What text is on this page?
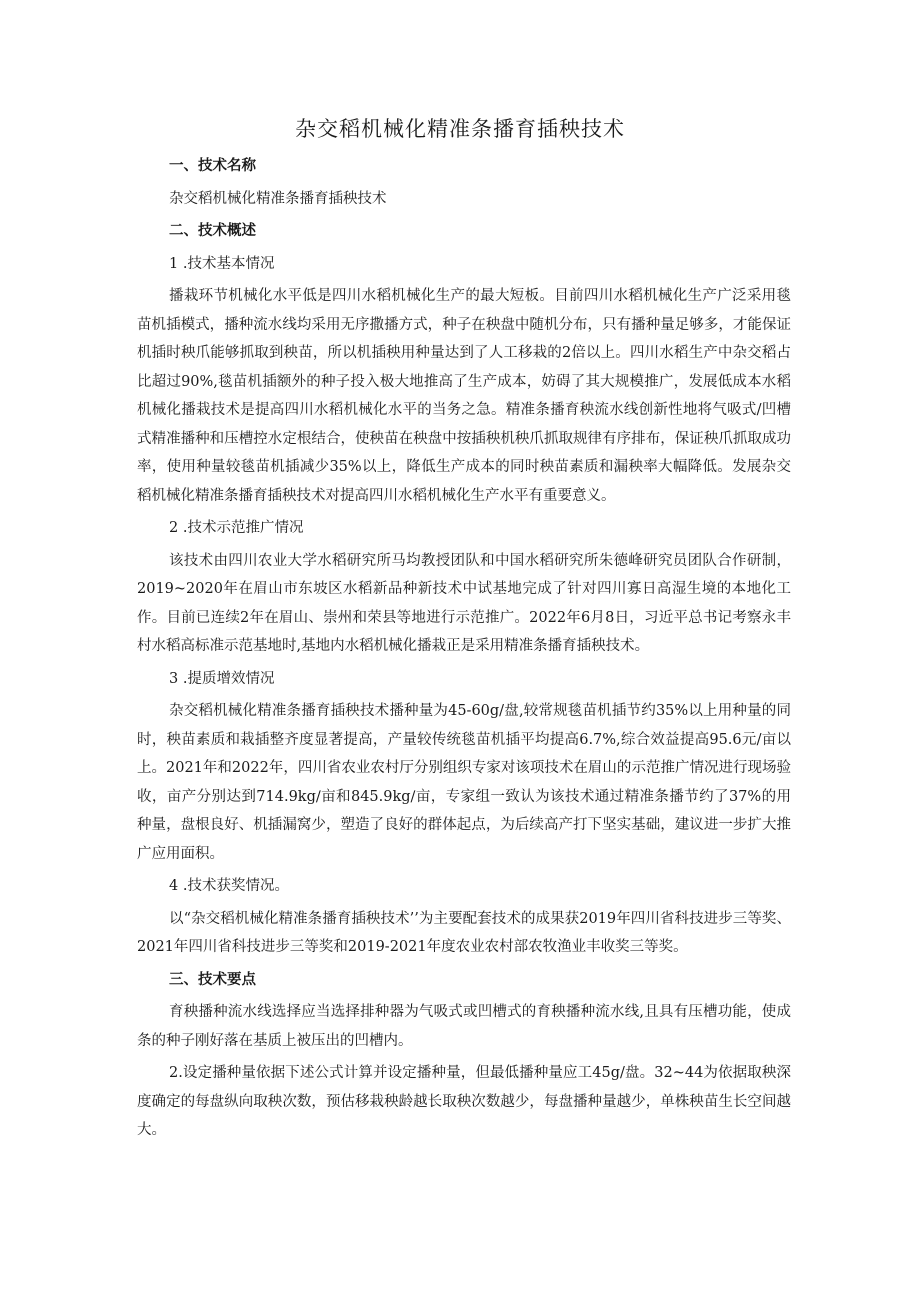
杂交稻机械化精准条播育插秧技术

一、技术名称

杂交稻机械化精准条播育插秧技术

二、技术概述

1 .技术基本情况

播栽环节机械化水平低是四川水稻机械化生产的最大短板。目前四川水稻机械化生产广泛采用毯苗机插模式，播种流水线均采用无序撒播方式，种子在秧盘中随机分布，只有播种量足够多，才能保证机插时秧爪能够抓取到秧苗，所以机插秧用种量达到了人工移栽的2倍以上。四川水稻生产中杂交稻占比超过90%,毯苗机插额外的种子投入极大地推高了生产成本，妨碍了其大规模推广，发展低成本水稻机械化播栽技术是提高四川水稻机械化水平的当务之急。精准条播育秧流水线创新性地将气吸式/凹槽式精准播种和压槽控水定根结合，使秧苗在秧盘中按插秧机秧爪抓取规律有序排布，保证秧爪抓取成功率，使用种量较毯苗机插减少35%以上，降低生产成本的同时秧苗素质和漏秧率大幅降低。发展杂交稻机械化精准条播育插秧技术对提高四川水稻机械化生产水平有重要意义。

2 .技术示范推广情况

该技术由四川农业大学水稻研究所马均教授团队和中国水稻研究所朱德峰研究员团队合作研制，2019~2020年在眉山市东坡区水稻新品种新技术中试基地完成了针对四川寡日高湿生境的本地化工作。目前已连续2年在眉山、崇州和荣县等地进行示范推广。2022年6月8日，习近平总书记考察永丰村水稻高标准示范基地时,基地内水稻机械化播栽正是采用精准条播育插秧技术。

3 .提质增效情况

杂交稻机械化精准条播育插秧技术播种量为45-60g/盘,较常规毯苗机插节约35%以上用种量的同时，秧苗素质和栽插整齐度显著提高，产量较传统毯苗机插平均提高6.7%,综合效益提高95.6元/亩以上。2021年和2022年，四川省农业农村厅分别组织专家对该项技术在眉山的示范推广情况进行现场验收，亩产分别达到714.9kg∕亩和845.9kg∕亩，专家组一致认为该技术通过精准条播节约了37%的用种量，盘根良好、机插漏窝少，塑造了良好的群体起点，为后续高产打下坚实基础，建议进一步扩大推广应用面积。

4 .技术获奖情况。

以“杂交稻机械化精准条播育插秧技术’’为主要配套技术的成果获2019年四川省科技进步三等奖、2021年四川省科技进步三等奖和2019-2021年度农业农村部农牧渔业丰收奖三等奖。

三、技术要点

育秧播种流水线选择应当选择排种器为气吸式或凹槽式的育秧播种流水线,且具有压槽功能，使成条的种子刚好落在基质上被压出的凹槽内。

2.设定播种量依据下述公式计算并设定播种量，但最低播种量应工45g/盘。32~44为依据取秧深度确定的每盘纵向取秧次数，预估移栽秧龄越长取秧次数越少，每盘播种量越少，单株秧苗生长空间越大。
